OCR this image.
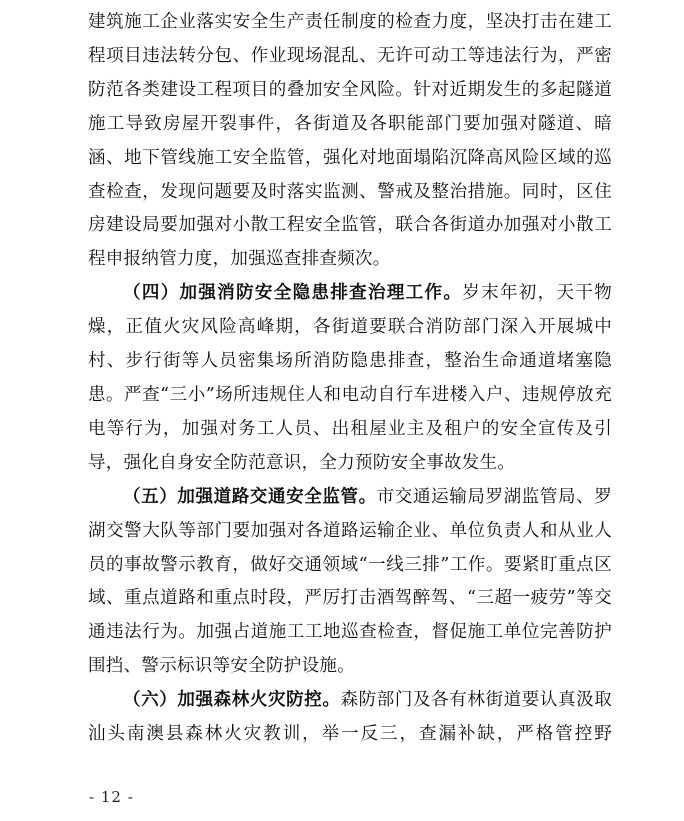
建筑施工企业落实安全生产责任制度的检查力度，坚决打击在建工程项目违法转分包、作业现场混乱、无许可动工等违法行为，严密防范各类建设工程项目的叠加安全风险。针对近期发生的多起隧道施工导致房屋开裂事件，各街道及各职能部门要加强对隧道、暗涵、地下管线施工安全监管，强化对地面塌陷沉降高风险区域的巡查检查，发现问题要及时落实监测、警戒及整治措施。同时，区住房建设局要加强对小散工程安全监管，联合各街道办加强对小散工程申报纳管力度，加强巡查排查频次。

（四）加强消防安全隐患排查治理工作。岁末年初，天干物燥，正值火灾风险高峰期，各街道要联合消防部门深入开展城中村、步行街等人员密集场所消防隐患排查，整治生命通道堵塞隐患。严查“三小”场所违规住人和电动自行车进楼入户、违规停放充电等行为，加强对务工人员、出租屋业主及租户的安全宣传及引导，强化自身安全防范意识，全力预防安全事故发生。

（五）加强道路交通安全监管。市交通运输局罗湖监管局、罗湖交警大队等部门要加强对各道路运输企业、单位负责人和从业人员的事故警示教育，做好交通领域“一线三排”工作。要紧盯重点区域、重点道路和重点时段，严厉打击酒驾醉驾、“三超一疲劳”等交通违法行为。加强占道施工工地巡查检查，督促施工单位完善防护围挡、警示标识等安全防护设施。

（六）加强森林火灾防控。森防部门及各有林街道要认真汲取汕头南澳县森林火灾教训，举一反三，查漏补缺，严格管控野

- 12 -
